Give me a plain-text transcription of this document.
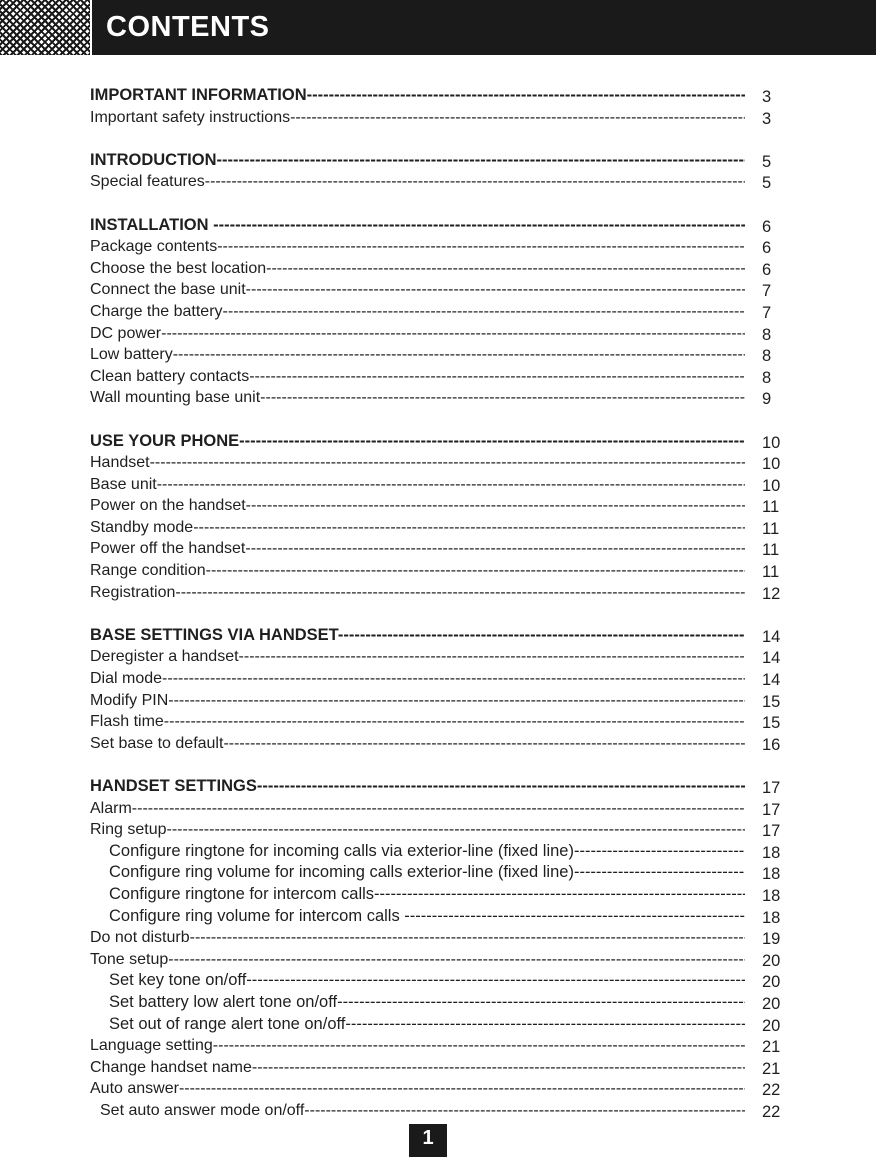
CONTENTS
IMPORTANT INFORMATION -----	3
Important safety instructions -----	3
INTRODUCTION -----	5
Special features -----	5
INSTALLATION -----	6
Package contents -----	6
Choose the best location -----	6
Connect the base unit -----	7
Charge the battery -----	7
DC power -----	8
Low battery -----	8
Clean battery contacts -----	8
Wall mounting base unit -----	9
USE YOUR PHONE -----	10
Handset -----	10
Base unit -----	10
Power on the handset -----	11
Standby mode -----	11
Power off the handset -----	11
Range condition -----	11
Registration -----	12
BASE SETTINGS VIA HANDSET -----	14
Deregister a handset -----	14
Dial mode -----	14
Modify PIN -----	15
Flash time -----	15
Set base to default -----	16
HANDSET SETTINGS -----	17
Alarm -----	17
Ring setup -----	17
Configure ringtone for incoming calls via exterior-line (fixed line) -----	18
Configure ring volume for incoming calls exterior-line (fixed line) -----	18
Configure ringtone for intercom calls -----	18
Configure ring volume for intercom calls -----	18
Do not disturb -----	19
Tone setup -----	20
Set key tone on/off -----	20
Set battery low alert tone on/off -----	20
Set out of range alert tone on/off -----	20
Language setting -----	21
Change handset name -----	21
Auto answer -----	22
Set auto answer mode on/off -----	22
1
